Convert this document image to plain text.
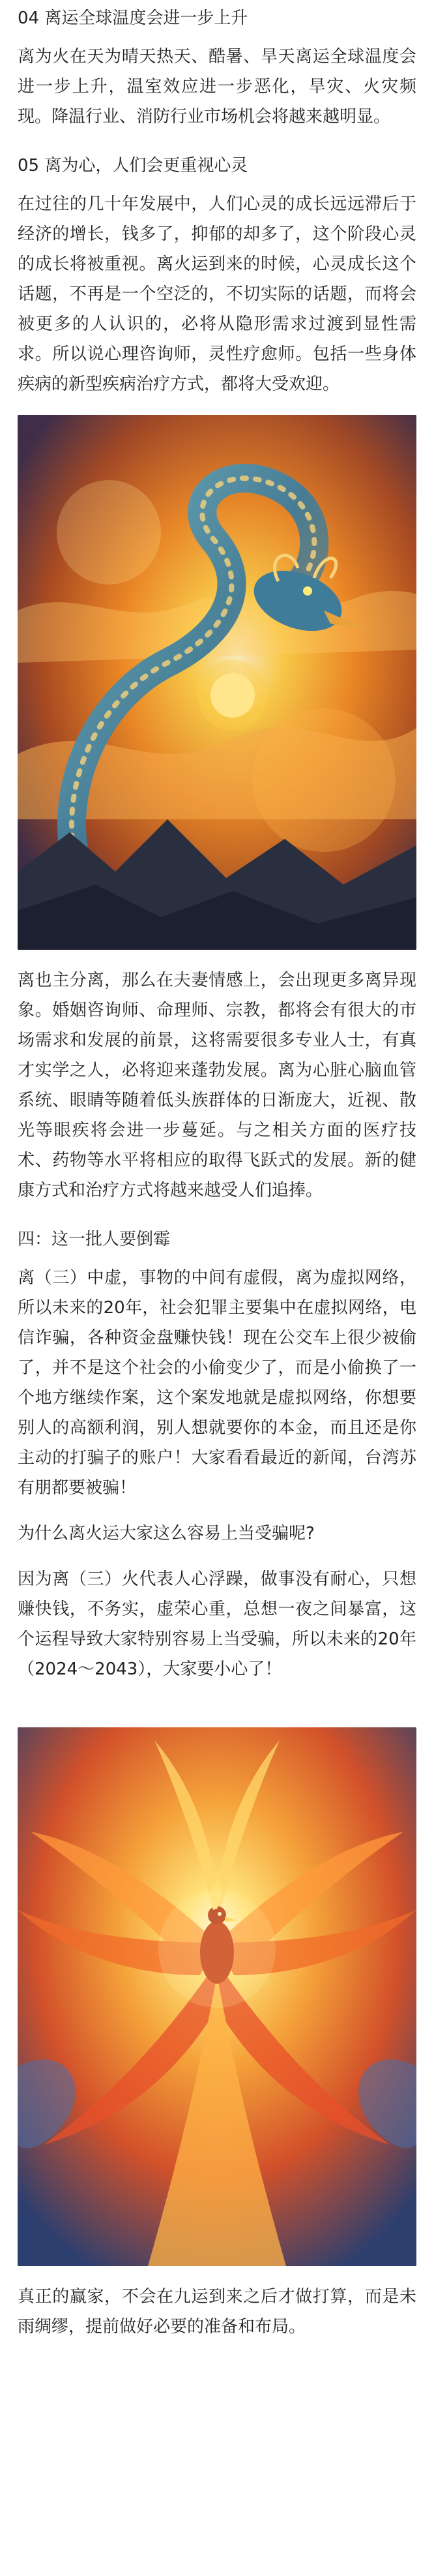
04 离运全球温度会进一步上升

离为火在天为晴天热天、酷暑、旱天离运全球温度会进一步上升，温室效应进一步恶化，旱灾、火灾频现。降温行业、消防行业市场机会将越来越明显。

05 离为心，人们会更重视心灵

在过往的几十年发展中，人们心灵的成长远远滞后于经济的增长，钱多了，抑郁的却多了，这个阶段心灵的成长将被重视。离火运到来的时候，心灵成长这个话题，不再是一个空泛的，不切实际的话题，而将会被更多的人认识的，必将从隐形需求过渡到显性需求。所以说心理咨询师，灵性疗愈师。包括一些身体疾病的新型疾病治疗方式，都将大受欢迎。

离也主分离，那么在夫妻情感上，会出现更多离异现象。婚姻咨询师、命理师、宗教，都将会有很大的市场需求和发展的前景，这将需要很多专业人士，有真才实学之人，必将迎来蓬勃发展。离为心脏心脑血管系统、眼睛等随着低头族群体的日渐庞大，近视、散光等眼疾将会进一步蔓延。与之相关方面的医疗技术、药物等水平将相应的取得飞跃式的发展。新的健康方式和治疗方式将越来越受人们追捧。

四：这一批人要倒霉

离（三）中虚，事物的中间有虚假，离为虚拟网络，所以未来的20年，社会犯罪主要集中在虚拟网络，电信诈骗，各种资金盘赚快钱！现在公交车上很少被偷了，并不是这个社会的小偷变少了，而是小偷换了一个地方继续作案，这个案发地就是虚拟网络，你想要别人的高额利润，别人想就要你的本金，而且还是你主动的打骗子的账户！大家看看最近的新闻，台湾苏有朋都要被骗！

为什么离火运大家这么容易上当受骗呢?

因为离（三）火代表人心浮躁，做事没有耐心，只想赚快钱，不务实，虚荣心重，总想一夜之间暴富，这个运程导致大家特别容易上当受骗，所以未来的20年（2024～2043），大家要小心了！

真正的赢家，不会在九运到来之后才做打算，而是未雨绸缪，提前做好必要的准备和布局。
